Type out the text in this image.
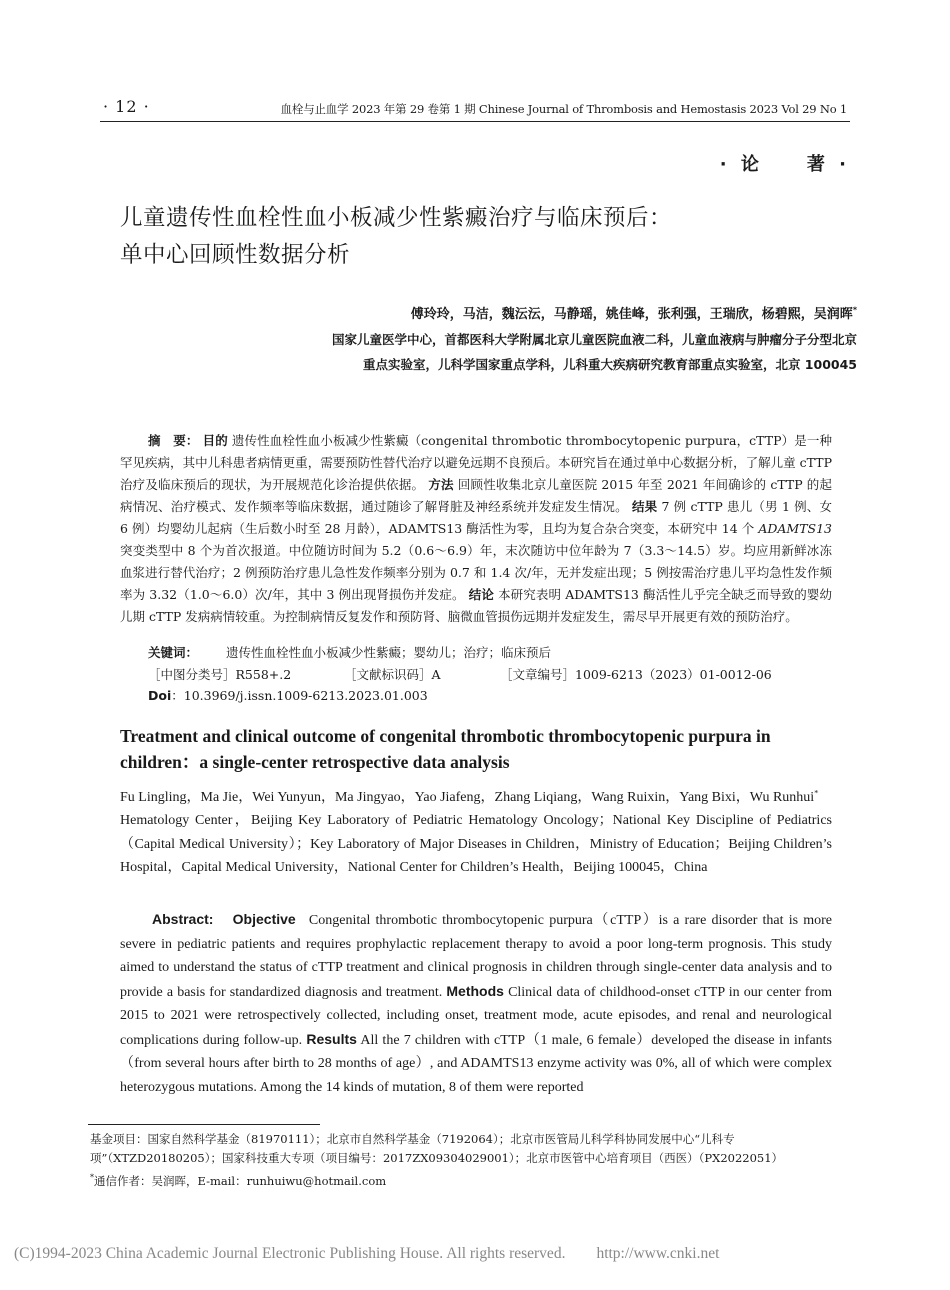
· 12 ·	血栓与止血学 2023 年第 29 卷第 1 期 Chinese Journal of Thrombosis and Hemostasis 2023 Vol 29 No 1
· 论　　著 ·
儿童遗传性血栓性血小板减少性紫癜治疗与临床预后：
单中心回顾性数据分析
傅玲玲，马洁，魏沄沄，马静瑶，姚佳峰，张利强，王瑞欣，杨碧熙，吴润晖*
国家儿童医学中心，首都医科大学附属北京儿童医院血液二科，儿童血液病与肿瘤分子分型北京
重点实验室，儿科学国家重点学科，儿科重大疾病研究教育部重点实验室，北京 100045

摘　要： 目的 遗传性血栓性血小板减少性紫癜（congenital thrombotic thrombocytopenic purpura，cTTP）是一种罕见疾病，其中儿科患者病情更重，需要预防性替代治疗以避免远期不良预后。本研究旨在通过单中心数据分析，了解儿童 cTTP 治疗及临床预后的现状，为开展规范化诊治提供依据。 方法 回顾性收集北京儿童医院 2015 年至 2021 年间确诊的 cTTP 的起病情况、治疗模式、发作频率等临床数据，通过随诊了解肾脏及神经系统并发症发生情况。 结果 7 例 cTTP 患儿（男 1 例、女 6 例）均婴幼儿起病（生后数小时至 28 月龄），ADAMTS13 酶活性为零，且均为复合杂合突变，本研究中 14 个 ADAMTS13 突变类型中 8 个为首次报道。中位随访时间为 5.2（0.6～6.9）年，末次随访中位年龄为 7（3.3～14.5）岁。均应用新鲜冰冻血浆进行替代治疗；2 例预防治疗患儿急性发作频率分别为 0.7 和 1.4 次/年，无并发症出现；5 例按需治疗患儿平均急性发作频率为 3.32（1.0～6.0）次/年，其中 3 例出现肾损伤并发症。 结论 本研究表明 ADAMTS13 酶活性儿乎完全缺乏而导致的婴幼儿期 cTTP 发病病情较重。为控制病情反复发作和预防肾、脑微血管损伤远期并发症发生，需尽早开展更有效的预防治疗。

关键词： 遗传性血栓性血小板减少性紫癜；婴幼儿；治疗；临床预后
［中图分类号］R558+.2	［文献标识码］A	［文章编号］1009-6213（2023）01-0012-06
Doi：10.3969/j.issn.1009-6213.2023.01.003
Treatment and clinical outcome of congenital thrombotic thrombocytopenic purpura in
children：a single-center retrospective data analysis
Fu Lingling，Ma Jie，Wei Yunyun，Ma Jingyao，Yao Jiafeng，Zhang Liqiang，Wang Ruixin，Yang Bixi，Wu Runhui*
Hematology Center，Beijing Key Laboratory of Pediatric Hematology Oncology；National Key Discipline of Pediatrics（Capital Medical University）；Key Laboratory of Major Diseases in Children，Ministry of Education；Beijing Children’s Hospital，Capital Medical University，National Center for Children’s Health，Beijing 100045，China

Abstract: Objective Congenital thrombotic thrombocytopenic purpura（cTTP）is a rare disorder that is more severe in pediatric patients and requires prophylactic replacement therapy to avoid a poor long-term prognosis. This study aimed to understand the status of cTTP treatment and clinical prognosis in children through single-center data analysis and to provide a basis for standardized diagnosis and treatment. Methods Clinical data of childhood-onset cTTP in our center from 2015 to 2021 were retrospectively collected, including onset, treatment mode, acute episodes, and renal and neurological complications during follow-up. Results All the 7 children with cTTP（1 male, 6 female）developed the disease in infants（from several hours after birth to 28 months of age）, and ADAMTS13 enzyme activity was 0%, all of which were complex heterozygous mutations. Among the 14 kinds of mutation, 8 of them were reported

基金项目：国家自然科学基金（81970111）；北京市自然科学基金（7192064）；北京市医管局儿科学科协同发展中心“儿科专项”（XTZD20180205）；国家科技重大专项（项目编号：2017ZX09304029001）；北京市医管中心培育项目（西医）（PX2022051）
*通信作者：吴润晖，E-mail：runhuiwu@hotmail.com
(C)1994-2023 China Academic Journal Electronic Publishing House. All rights reserved.　　http://www.cnki.net
